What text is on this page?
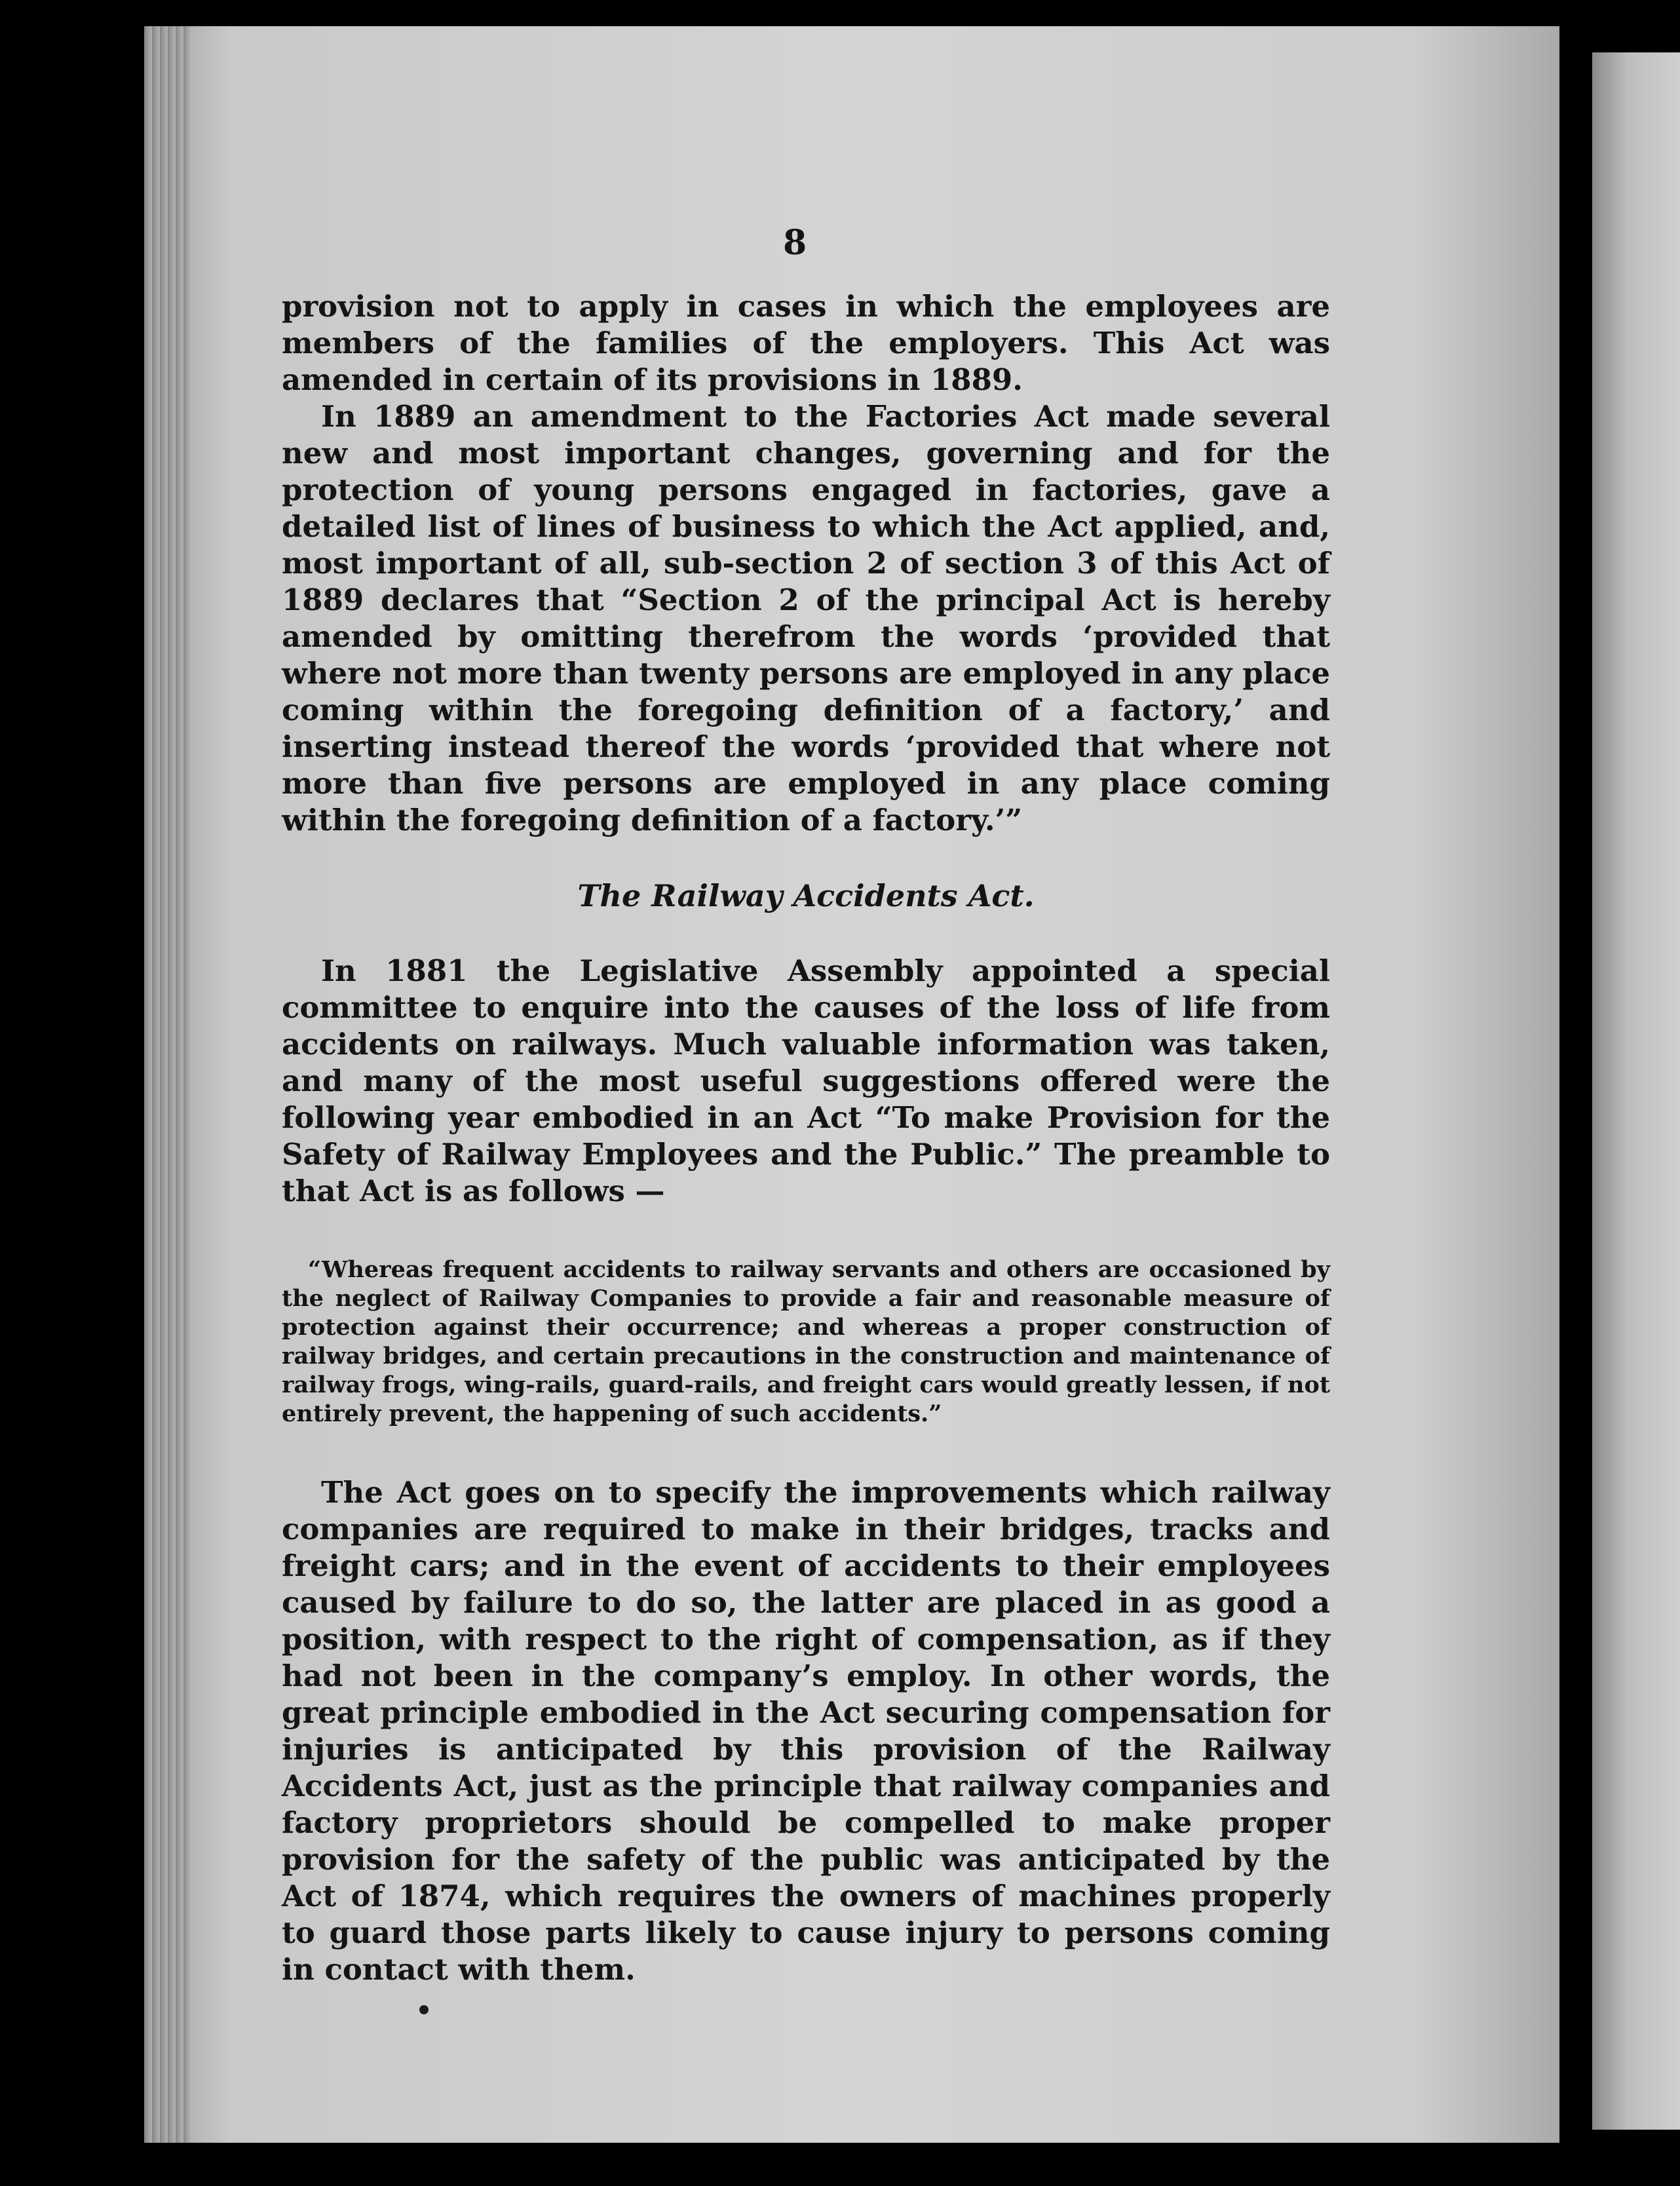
8

provision not to apply in cases in which the employees are members of the families of the employers. This Act was amended in certain of its provisions in 1889.

In 1889 an amendment to the Factories Act made several new and most important changes, governing and for the protection of young persons engaged in factories, gave a detailed list of lines of business to which the Act applied, and, most important of all, sub-section 2 of section 3 of this Act of 1889 declares that “Section 2 of the principal Act is hereby amended by omitting therefrom the words ‘provided that where not more than twenty persons are employed in any place coming within the foregoing definition of a factory,’ and inserting instead thereof the words ‘provided that where not more than five persons are employed in any place coming within the foregoing definition of a factory.’”

The Railway Accidents Act.

In 1881 the Legislative Assembly appointed a special committee to enquire into the causes of the loss of life from accidents on railways. Much valuable information was taken, and many of the most useful suggestions offered were the following year embodied in an Act “To make Provision for the Safety of Railway Employees and the Public.” The preamble to that Act is as follows —

“Whereas frequent accidents to railway servants and others are occasioned by the neglect of Railway Companies to provide a fair and reasonable measure of protection against their occurrence; and whereas a proper construction of railway bridges, and certain precautions in the construction and maintenance of railway frogs, wing-rails, guard-rails, and freight cars would greatly lessen, if not entirely prevent, the happening of such accidents.”

The Act goes on to specify the improvements which railway companies are required to make in their bridges, tracks and freight cars; and in the event of accidents to their employees caused by failure to do so, the latter are placed in as good a position, with respect to the right of compensation, as if they had not been in the company’s employ. In other words, the great principle embodied in the Act securing compensation for injuries is anticipated by this provision of the Railway Accidents Act, just as the principle that railway companies and factory proprietors should be compelled to make proper provision for the safety of the public was anticipated by the Act of 1874, which requires the owners of machines properly to guard those parts likely to cause injury to persons coming in contact with them.
